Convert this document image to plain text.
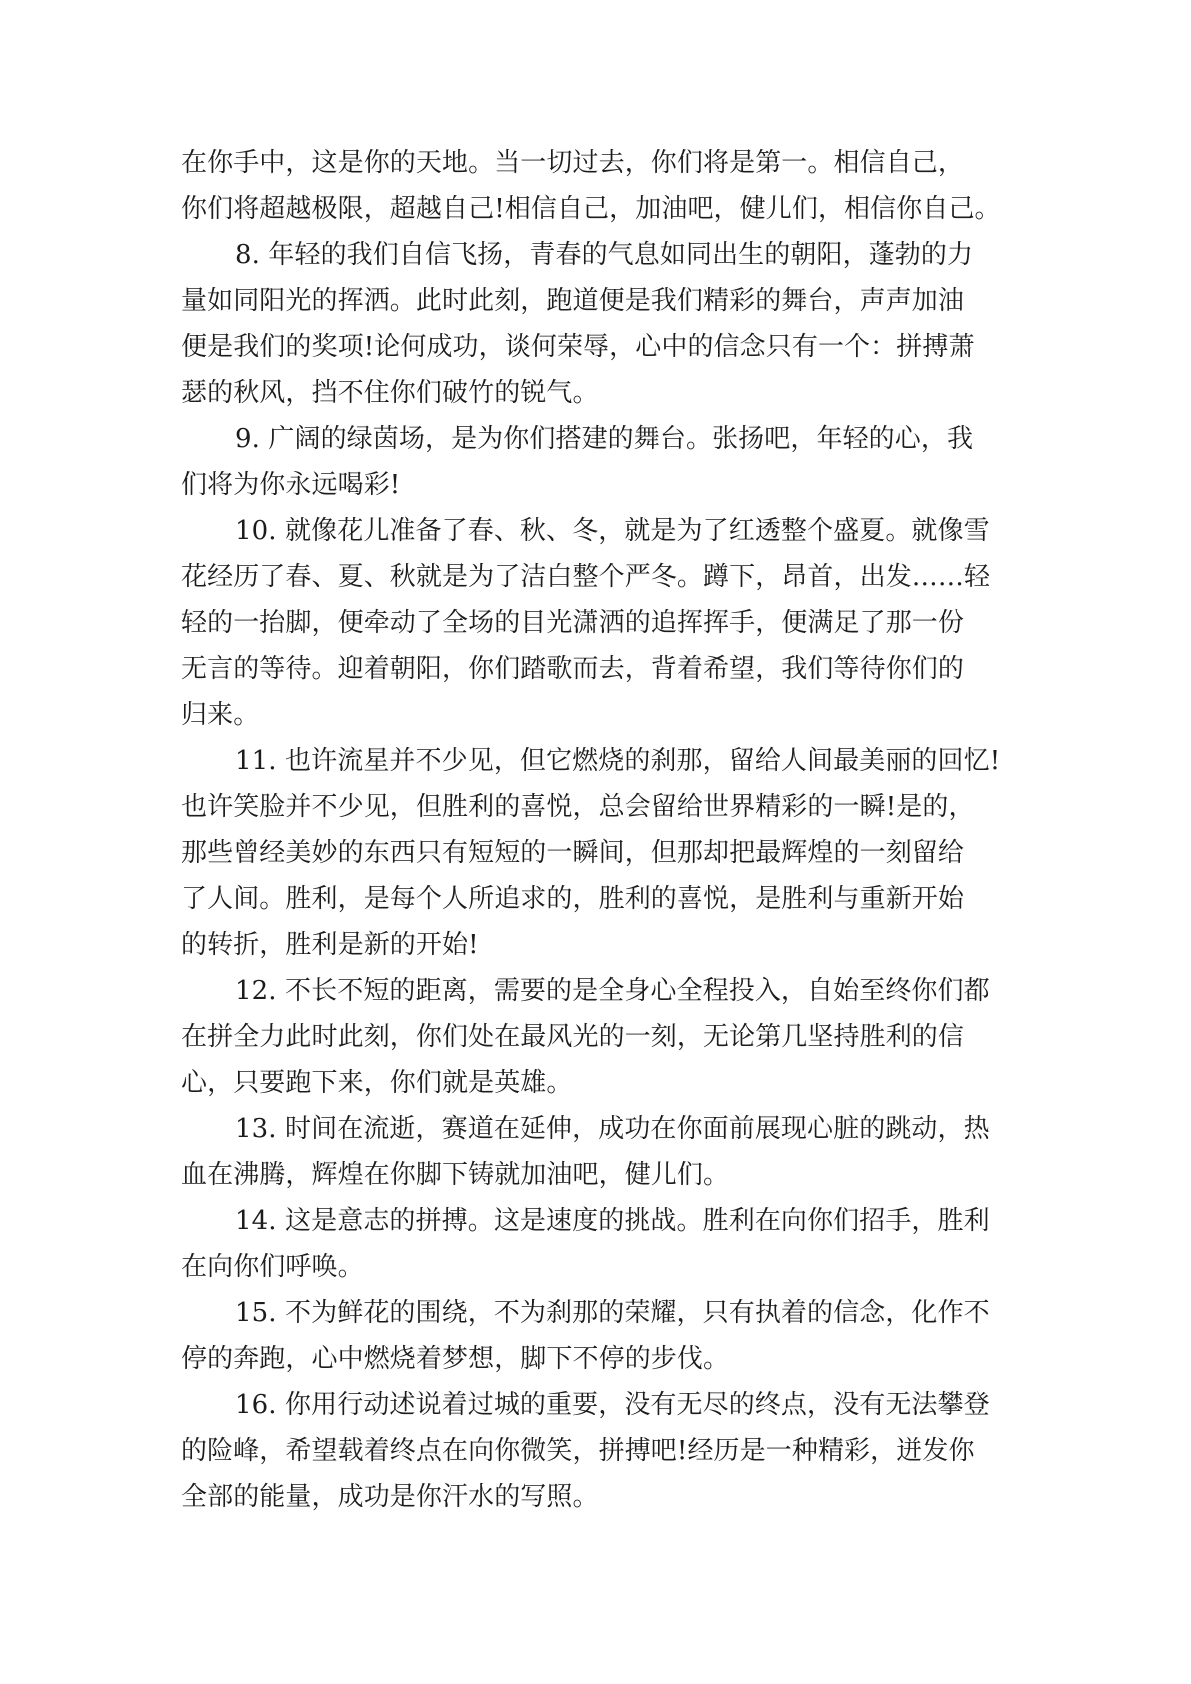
在你手中，这是你的天地。当一切过去，你们将是第一。相信自己，
你们将超越极限，超越自己!相信自己，加油吧，健儿们，相信你自己。
8. 年轻的我们自信飞扬，青春的气息如同出生的朝阳，蓬勃的力
量如同阳光的挥洒。此时此刻，跑道便是我们精彩的舞台，声声加油
便是我们的奖项!论何成功，谈何荣辱，心中的信念只有一个：拼搏萧
瑟的秋风，挡不住你们破竹的锐气。
9. 广阔的绿茵场，是为你们搭建的舞台。张扬吧，年轻的心，我
们将为你永远喝彩!
10. 就像花儿准备了春、秋、冬，就是为了红透整个盛夏。就像雪
花经历了春、夏、秋就是为了洁白整个严冬。蹲下，昂首，出发……轻
轻的一抬脚，便牵动了全场的目光潇洒的追挥挥手，便满足了那一份
无言的等待。迎着朝阳，你们踏歌而去，背着希望，我们等待你们的
归来。
11. 也许流星并不少见，但它燃烧的刹那，留给人间最美丽的回忆!
也许笑脸并不少见，但胜利的喜悦，总会留给世界精彩的一瞬!是的，
那些曾经美妙的东西只有短短的一瞬间，但那却把最辉煌的一刻留给
了人间。胜利，是每个人所追求的，胜利的喜悦，是胜利与重新开始
的转折，胜利是新的开始!
12. 不长不短的距离，需要的是全身心全程投入，自始至终你们都
在拼全力此时此刻，你们处在最风光的一刻，无论第几坚持胜利的信
心，只要跑下来，你们就是英雄。
13. 时间在流逝，赛道在延伸，成功在你面前展现心脏的跳动，热
血在沸腾，辉煌在你脚下铸就加油吧，健儿们。
14. 这是意志的拼搏。这是速度的挑战。胜利在向你们招手，胜利
在向你们呼唤。
15. 不为鲜花的围绕，不为刹那的荣耀，只有执着的信念，化作不
停的奔跑，心中燃烧着梦想，脚下不停的步伐。
16. 你用行动述说着过城的重要，没有无尽的终点，没有无法攀登
的险峰，希望载着终点在向你微笑，拼搏吧!经历是一种精彩，迸发你
全部的能量，成功是你汗水的写照。
